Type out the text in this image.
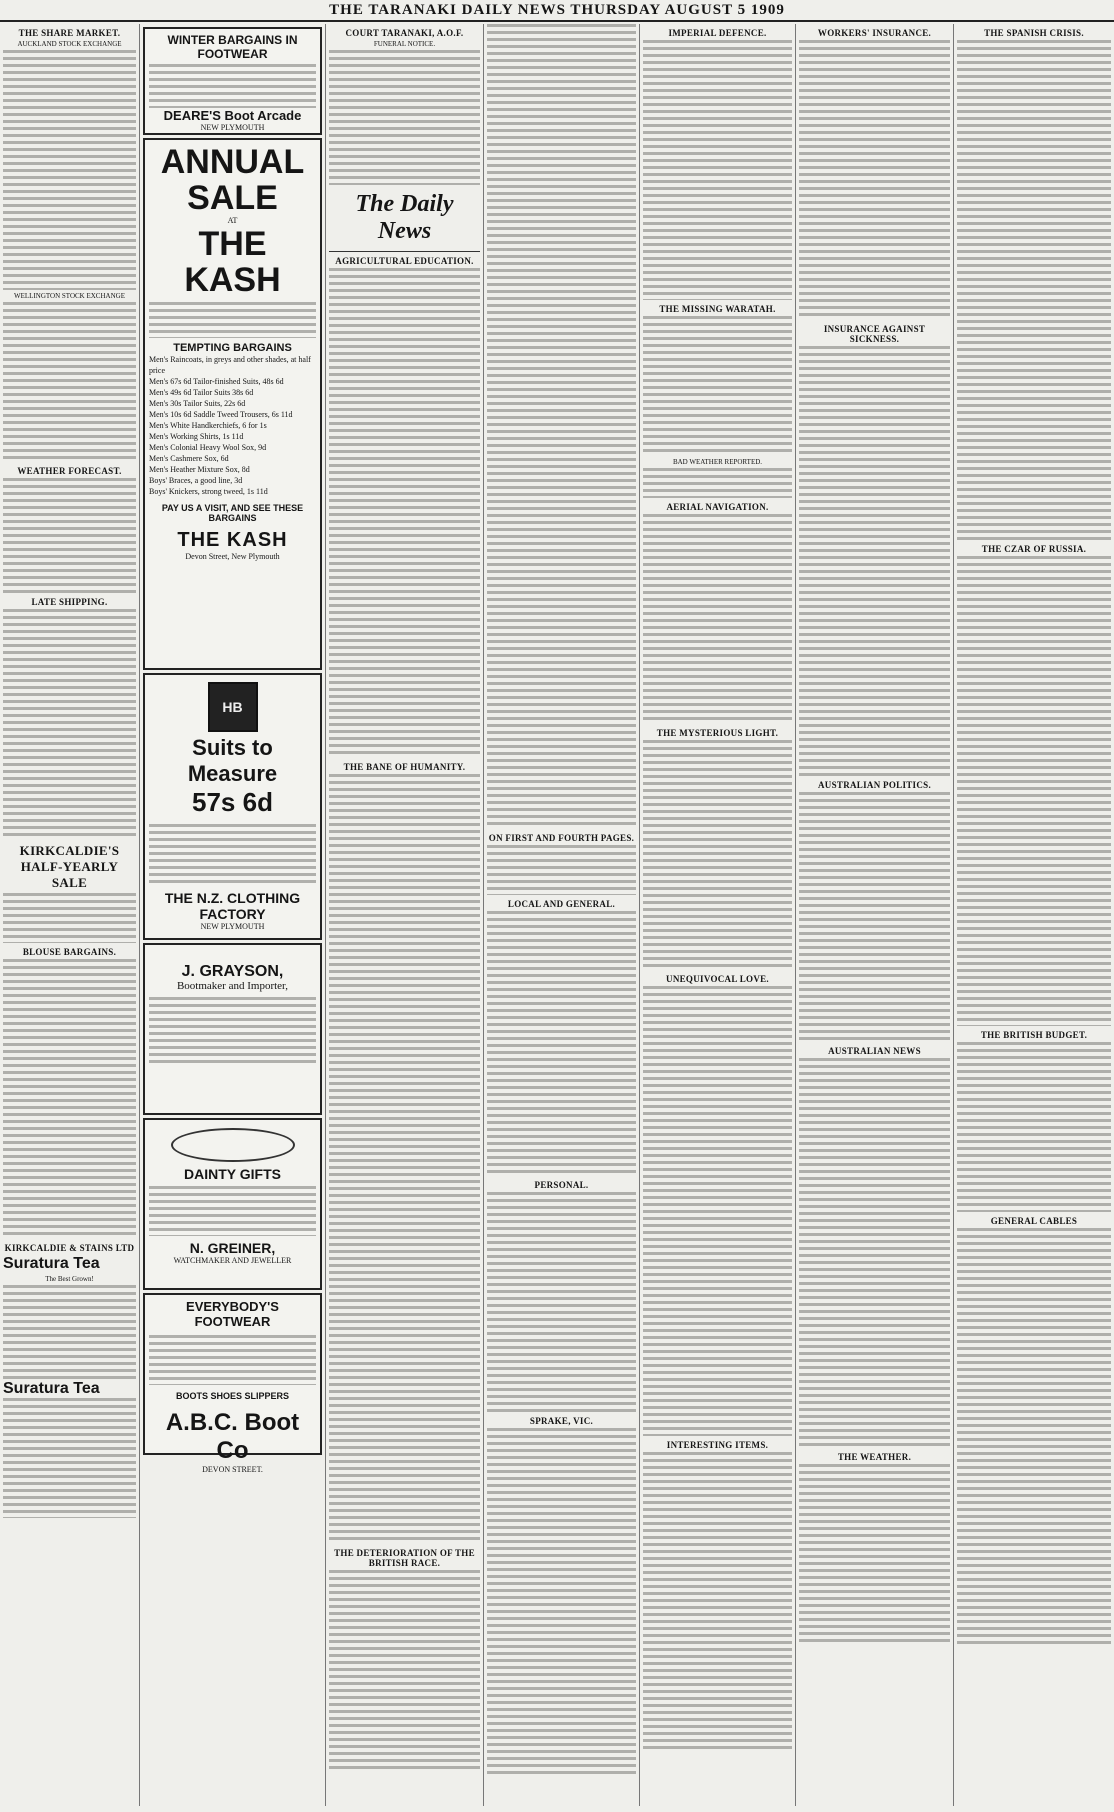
THE TARANAKI DAILY NEWS THURSDAY AUGUST 5 1909
THE SHARE MARKET.
AUCKLAND STOCK EXCHANGE
WELLINGTON STOCK EXCHANGE
WEATHER FORECAST.
LATE SHIPPING.
KIRKCALDIE'S HALF-YEARLY SALE
BLOUSE BARGAINS.
KIRKCALDIE & STAINS LTD
Suratura Tea
The Best Grown!
Suratura Tea
WINTER BARGAINS IN FOOTWEAR
DEARE'S Boot Arcade
NEW PLYMOUTH
ANNUAL SALE
AT
THE KASH
TEMPTING BARGAINS
Men's Raincoats, in greys and other shades, at half price
Men's 67s 6d Tailor-finished Suits, 48s 6d
Men's 49s 6d Tailor Suits 38s 6d
Men's 30s Tailor Suits, 22s 6d
Men's 10s 6d Saddle Tweed Trousers, 6s 11d
Men's White Handkerchiefs, 6 for 1s
Men's Working Shirts, 1s 11d
Men's Colonial Heavy Wool Sox, 9d
Men's Cashmere Sox, 6d
Men's Heather Mixture Sox, 8d
Boys' Braces, a good line, 3d
Boys' Knickers, strong tweed, 1s 11d
PAY US A VISIT, AND SEE THESE BARGAINS
THE KASH
Devon Street, New Plymouth
HB
Suits to Measure
57s 6d
THE N.Z. CLOTHING FACTORY
NEW PLYMOUTH
J. GRAYSON,
Bootmaker and Importer,
DAINTY GIFTS
N. GREINER,
WATCHMAKER AND JEWELLER
EVERYBODY'S FOOTWEAR
BOOTS SHOES SLIPPERS
A.B.C. Boot Co
DEVON STREET.
COURT TARANAKI, A.O.F.
FUNERAL NOTICE.
The Daily News
AGRICULTURAL EDUCATION.
THE BANE OF HUMANITY.
THE DETERIORATION OF THE BRITISH RACE.
ON FIRST AND FOURTH PAGES.
LOCAL AND GENERAL.
PERSONAL.
SPRAKE, VIC.
IMPERIAL DEFENCE.
THE MISSING WARATAH.
BAD WEATHER REPORTED.
AERIAL NAVIGATION.
THE MYSTERIOUS LIGHT.
UNEQUIVOCAL LOVE.
INTERESTING ITEMS.
WORKERS' INSURANCE.
INSURANCE AGAINST SICKNESS.
AUSTRALIAN POLITICS.
AUSTRALIAN NEWS
THE WEATHER.
THE SPANISH CRISIS.
THE CZAR OF RUSSIA.
THE BRITISH BUDGET.
GENERAL CABLES
